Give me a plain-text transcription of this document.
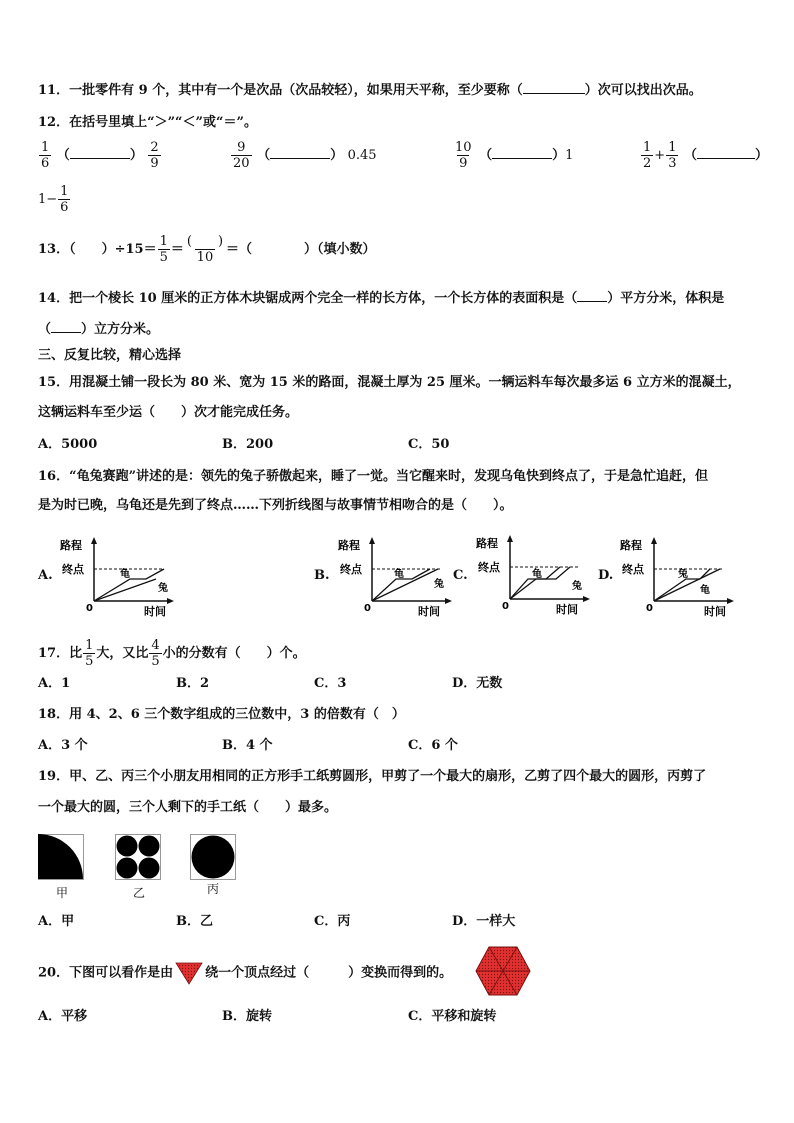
11．一批零件有 9 个，其中有一个是次品（次品较轻），如果用天平称，至少要称（	）次可以找出次品。
12．在括号里填上“＞”“＜”或“＝”。
$\frac{1}{6}$ （	） $\frac{2}{9}$	$\frac{9}{20}$ （	） 0.45	$\frac{10}{9}$ （	）1	$\frac{1}{2} + \frac{1}{3}$ （	）
$1- \frac{1}{6}$
13．（　　）$\div 15= \frac{1}{5} = \frac{( )}{10}$ ＝（　　　　）（填小数）
14．把一个棱长 10 厘米的正方体木块锯成两个完全一样的长方体，一个长方体的表面积是（ ）平方分米，体积是
（ ）立方分米。
三、反复比较，精心选择
15．用混凝土铺一段长为 80 米、宽为 15 米的路面，混凝土厚为 25 厘米。一辆运料车每次最多运 6 立方米的混凝土，
这辆运料车至少运（　　）次才能完成任务。
A．5000	B．200	C．50
16．“龟兔赛跑”讲述的是：领先的兔子骄傲起来，睡了一觉。当它醒来时，发现乌龟快到终点了，于是急忙追赶，但
是为时已晚，乌龟还是先到了终点……下列折线图与故事情节相吻合的是（　　）。
A.	B.	C.	D.
路程
终点
0	时间
龟
兔
路程
终点
0	时间
龟
兔
路程
终点
0	时间
龟
兔
路程
终点
0	时间
兔
龟
17．比 $\frac{1}{5}$ 大，又比 $\frac{4}{5}$ 小的分数有（　　）个。
A．1	B．2	C．3	D．无数
18．用 4、2、6 三个数字组成的三位数中，3 的倍数有（　）
A．3 个	B．4 个	C．6 个
19．甲、乙、丙三个小朋友用相同的正方形手工纸剪圆形，甲剪了一个最大的扇形，乙剪了四个最大的圆形，丙剪了
一个最大的圆，三个人剩下的手工纸（　　）最多。
甲	乙	丙
A．甲	B．乙	C．丙	D．一样大
20．下图可以看作是由 绕一个顶点经过（　　　）变换而得到的。
A．平移	B．旋转	C．平移和旋转
